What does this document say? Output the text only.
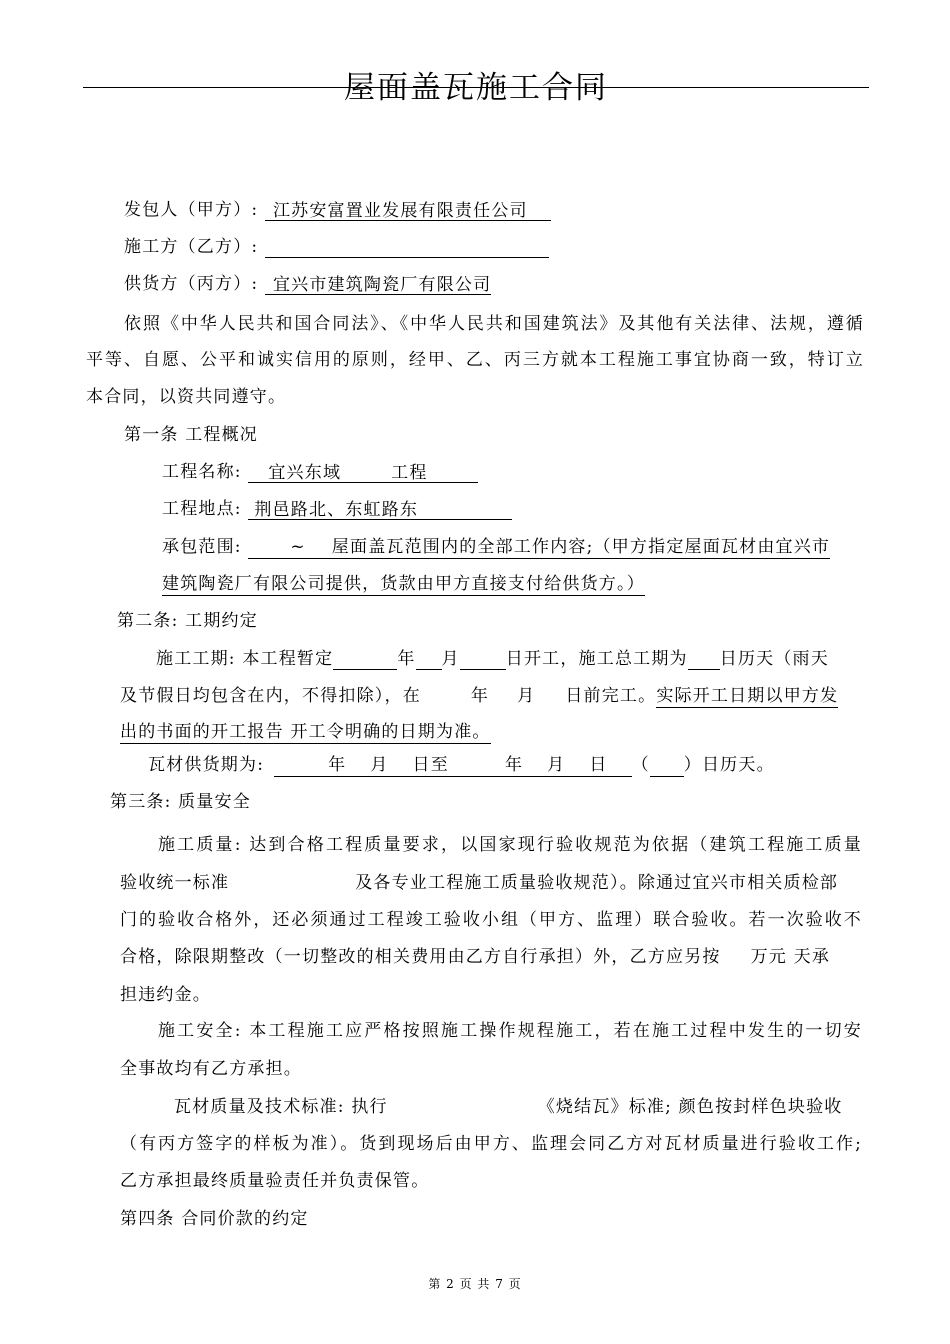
屋面盖瓦施工合同
发包人（甲方）: 江苏安富置业发展有限责任公司
施工方（乙方）:
供货方（丙方）: 宜兴市建筑陶瓷厂有限公司
依照《中华人民共和国合同法》、《中华人民共和国建筑法》及其他有关法律、法规，遵循
平等、自愿、公平和诚实信用的原则，经甲、乙、丙三方就本工程施工事宜协商一致，特订立
本合同，以资共同遵守。
第一条 工程概况
工程名称: 宜兴东域	工程
工程地点: 荆邑路北、东虹路东
承包范围:	~ 屋面盖瓦范围内的全部工作内容;（甲方指定屋面瓦材由宜兴市
建筑陶瓷厂有限公司提供，货款由甲方直接支付给供货方。）
第二条: 工期约定
施工工期: 本工程暂定	年 月	日开工，施工总工期为 日历天（雨天
及节假日均包含在内，不得扣除），在	年 月 日前完工。实际开工日期以甲方发
出的书面的开工报告 开工令明确的日期为准。
瓦材供货期为:	年 月 日至	年 月 日 （ ）日历天。
第三条: 质量安全
施工质量: 达到合格工程质量要求，以国家现行验收规范为依据（建筑工程施工质量
验收统一标准	及各专业工程施工质量验收规范）。除通过宜兴市相关质检部
门的验收合格外，还必须通过工程竣工验收小组（甲方、监理）联合验收。若一次验收不
合格，除限期整改（一切整改的相关费用由乙方自行承担）外，乙方应另按 万元 天承
担违约金。
施工安全: 本工程施工应严格按照施工操作规程施工，若在施工过程中发生的一切安
全事故均有乙方承担。
瓦材质量及技术标准: 执行	《烧结瓦》标准; 颜色按封样色块验收
（有丙方签字的样板为准）。货到现场后由甲方、监理会同乙方对瓦材质量进行验收工作;
乙方承担最终质量验责任并负责保管。
第四条 合同价款的约定
第 2 页 共 7 页
